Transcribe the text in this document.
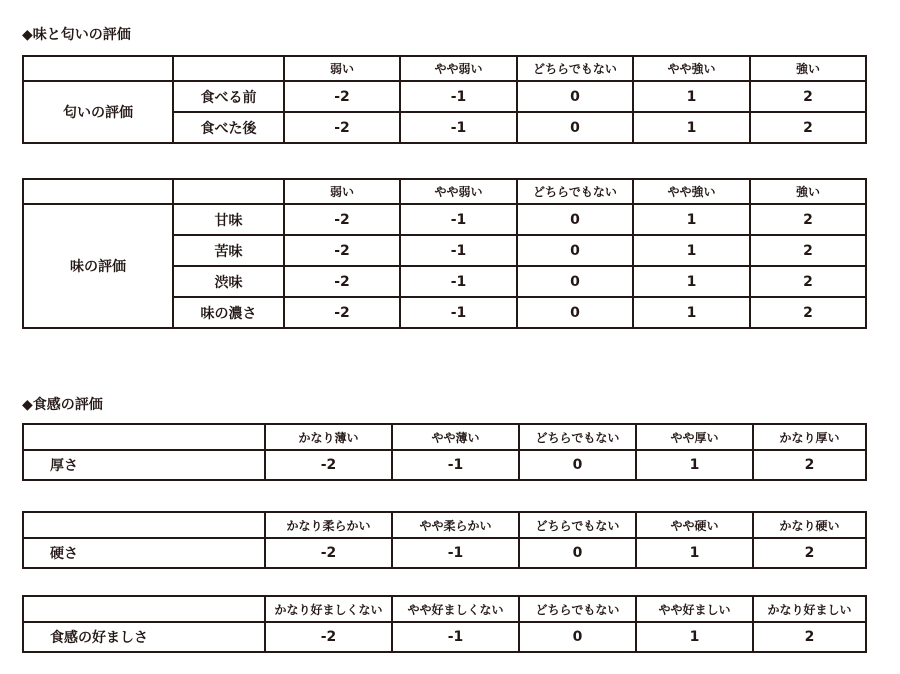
◆味と匂いの評価
		弱い	やや弱い	どちらでもない	やや強い	強い
匂いの評価	食べる前	-2	-1	0	1	2
	食べた後	-2	-1	0	1	2
		弱い	やや弱い	どちらでもない	やや強い	強い
味の評価	甘味	-2	-1	0	1	2
	苦味	-2	-1	0	1	2
	渋味	-2	-1	0	1	2
	味の濃さ	-2	-1	0	1	2
◆食感の評価
	かなり薄い	やや薄い	どちらでもない	やや厚い	かなり厚い
厚さ	-2	-1	0	1	2
	かなり柔らかい	やや柔らかい	どちらでもない	やや硬い	かなり硬い
硬さ	-2	-1	0	1	2
	かなり好ましくない	やや好ましくない	どちらでもない	やや好ましい	かなり好ましい
食感の好ましさ	-2	-1	0	1	2
